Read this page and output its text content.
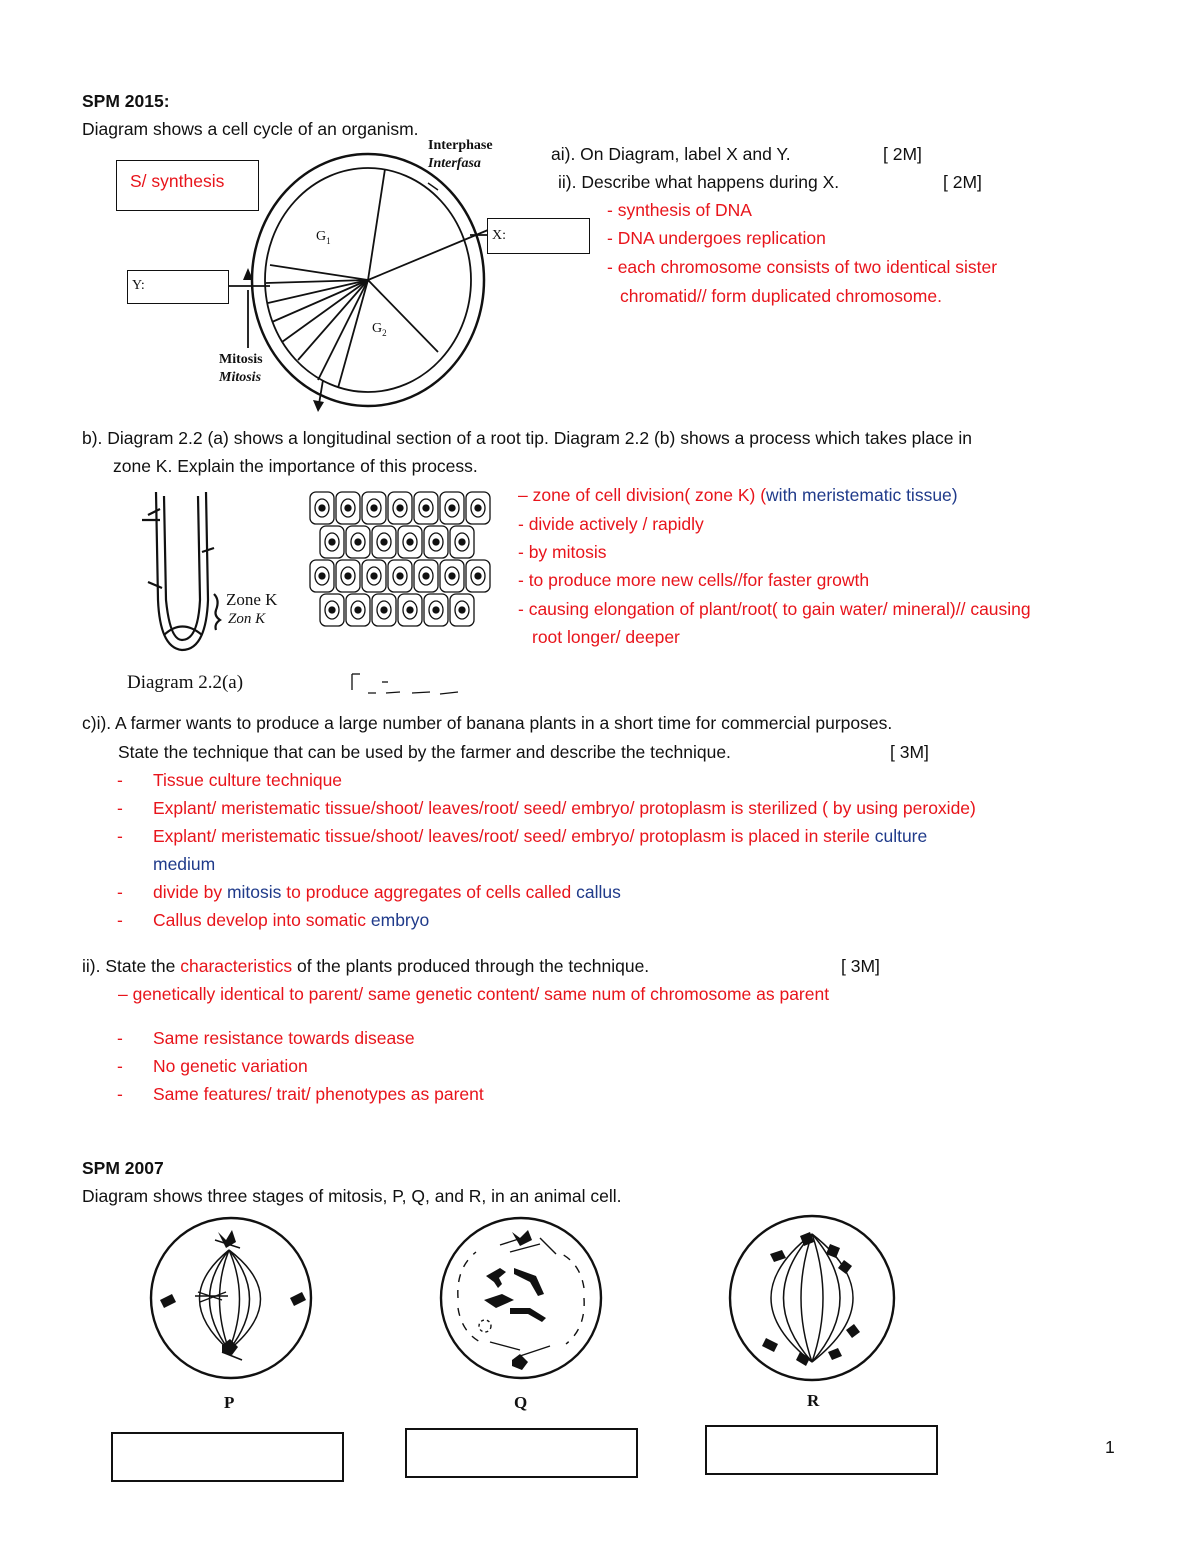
SPM 2015:
Diagram shows a cell cycle of an organism.
S/ synthesis
Interphase
Interfasa
$G_1$
$G_2$
X:
Y:
Mitosis
Mitosis
ai). On Diagram, label X and Y.	[ 2M]
ii). Describe what happens during X.	[ 2M]
- synthesis of DNA
- DNA undergoes replication
- each chromosome consists of two identical sister
chromatid// form duplicated chromosome.
b). Diagram 2.2 (a) shows a longitudinal section of a root tip. Diagram 2.2 (b) shows a process which takes place in
zone K. Explain the importance of this process.
Zone K
Zon K
Diagram 2.2(a)
– zone of cell division( zone K) (with meristematic tissue)
- divide actively / rapidly
- by mitosis
- to produce more new cells//for faster growth
- causing elongation of plant/root( to gain water/ mineral)// causing
root longer/ deeper
c)i). A farmer wants to produce a large number of banana plants in a short time for commercial purposes.
State the technique that can be used by the farmer and describe the technique.	[ 3M]
- Tissue culture technique
- Explant/ meristematic tissue/shoot/ leaves/root/ seed/ embryo/ protoplasm is sterilized ( by using peroxide)
- Explant/ meristematic tissue/shoot/ leaves/root/ seed/ embryo/ protoplasm is placed in sterile culture
medium
- divide by mitosis to produce aggregates of cells called callus
- Callus develop into somatic embryo
ii). State the characteristics of the plants produced through the technique.	[ 3M]
– genetically identical to parent/ same genetic content/ same num of chromosome as parent
- Same resistance towards disease
- No genetic variation
- Same features/ trait/ phenotypes as parent
SPM 2007
Diagram shows three stages of mitosis, P, Q, and R, in an animal cell.
P	Q	R
1
